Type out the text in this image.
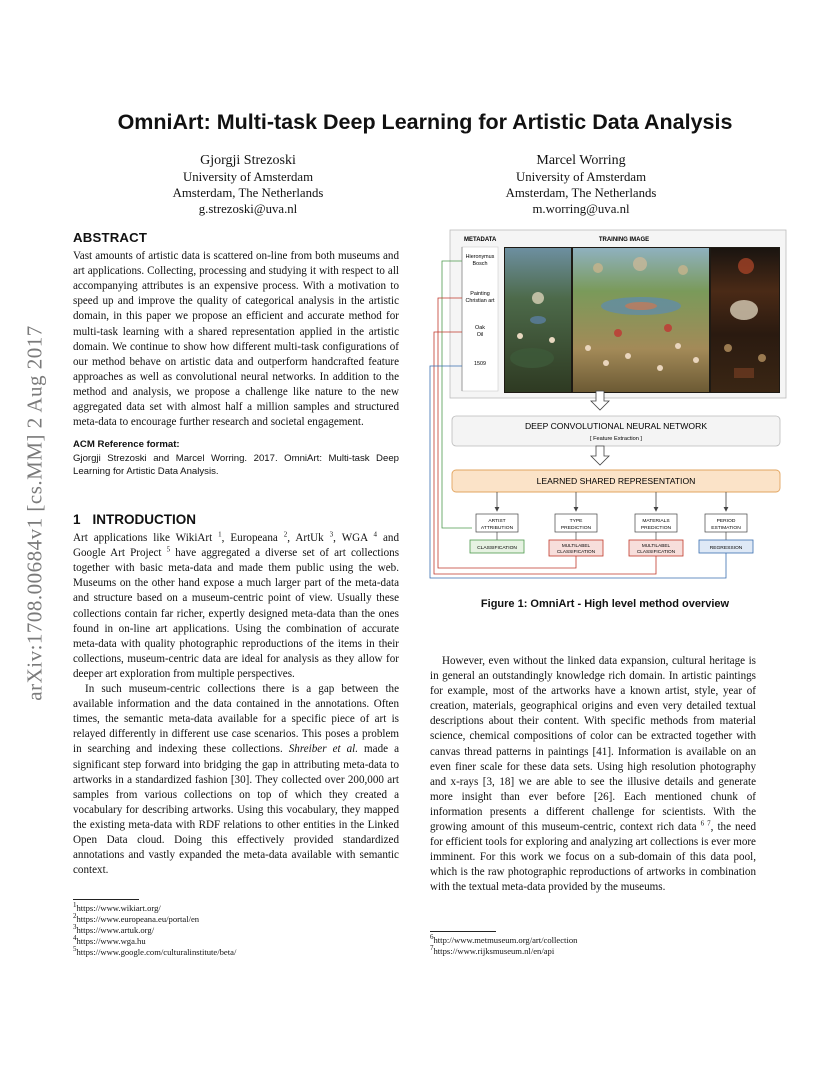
arXiv:1708.00684v1 [cs.MM] 2 Aug 2017
OmniArt: Multi-task Deep Learning for Artistic Data Analysis
Gjorgji Strezoski
University of Amsterdam
Amsterdam, The Netherlands
g.strezoski@uva.nl
Marcel Worring
University of Amsterdam
Amsterdam, The Netherlands
m.worring@uva.nl
ABSTRACT

Vast amounts of artistic data is scattered on-line from both museums and art applications. Collecting, processing and studying it with respect to all accompanying attributes is an expensive process. With a motivation to speed up and improve the quality of categorical analysis in the artistic domain, in this paper we propose an efficient and accurate method for multi-task learning with a shared representation applied in the artistic domain. We continue to show how different multi-task configurations of our method behave on artistic data and outperform handcrafted feature approaches as well as convolutional neural networks. In addition to the method and analysis, we propose a challenge like nature to the new aggregated data set with almost half a million samples and structured meta-data to encourage further research and societal engagement.

ACM Reference format:
Gjorgji Strezoski and Marcel Worring. 2017. OmniArt: Multi-task Deep Learning for Artistic Data Analysis.
1 INTRODUCTION

Art applications like WikiArt $^1$, Europeana $^2$, ArtUk $^3$, WGA $^4$ and Google Art Project $^5$ have aggregated a diverse set of art collections together with basic meta-data and made them public using the web. Museums on the other hand expose a much larger part of the meta-data and structure based on a museum-centric point of view. Usually these collections contain far richer, expertly designed meta-data than the ones found in on-line art applications. Using the combination of accurate meta-data with quality photographic reproductions of the items in their collections, museum-centric data are ideal for analysis as they allow for deeper art exploration from multiple perspectives.

In such museum-centric collections there is a gap between the available information and the data contained in the annotations. Often times, the semantic meta-data available for a specific piece of art is relayed differently in different use case scenarios. This poses a problem in searching and indexing these collections. Shreiber et al. made a significant step forward into bridging the gap in attributing meta-data to artworks in a standardized fashion [30]. They collected over 200,000 art samples from various collections on top of which they created a vocabulary for describing artworks. Using this vocabulary, they mapped the existing meta-data with RDF relations to other entities in the Linked Open Data cloud. Doing this effectively provided standardized annotations and vastly expanded the meta-data available with semantic context.

$^1$https://www.wikiart.org/
$^2$https://www.europeana.eu/portal/en
$^3$https://www.artuk.org/
$^4$https://www.wga.hu
$^5$https://www.google.com/culturalinstitute/beta/
METADATA	TRAINING IMAGE
Hieronymus
Bosch
Painting
Christian art
Oak
Oil
1509
DEEP CONVOLUTIONAL NEURAL NETWORK
[ Feature Extraction ]
LEARNED SHARED REPRESENTATION
ARTIST
ATTRIBUTION
CLASSIFICATION
TYPE
PREDICTION
MULTILABEL
CLASSIFICATION
MATERIALS
PREDICTION
MULTILABEL
CLASSIFICATION
PERIOD
ESTIMATION
REGRESSION
Figure 1: OmniArt - High level method overview

However, even without the linked data expansion, cultural heritage is in general an outstandingly knowledge rich domain. In artistic paintings for example, most of the artworks have a known artist, style, year of creation, materials, geographical origins and even very detailed textual descriptions about their content. With specific methods from material science, chemical compositions of color can be extracted together with canvas thread patterns in paintings [41]. Information is available on an even finer scale for these data sets. Using high resolution photography and x-rays [3, 18] we are able to see the illusive details and generate more insight than ever before [26]. Each mentioned chunk of information presents a different challenge for scientists. With the growing amount of this museum-centric, context rich data $^{6 7}$, the need for efficient tools for exploring and analyzing art collections is ever more imminent. For this work we focus on a sub-domain of this data pool, which is the raw photographic reproductions of artworks in combination with the textual meta-data provided by the museums.

$^6$http://www.metmuseum.org/art/collection
$^7$https://www.rijksmuseum.nl/en/api
